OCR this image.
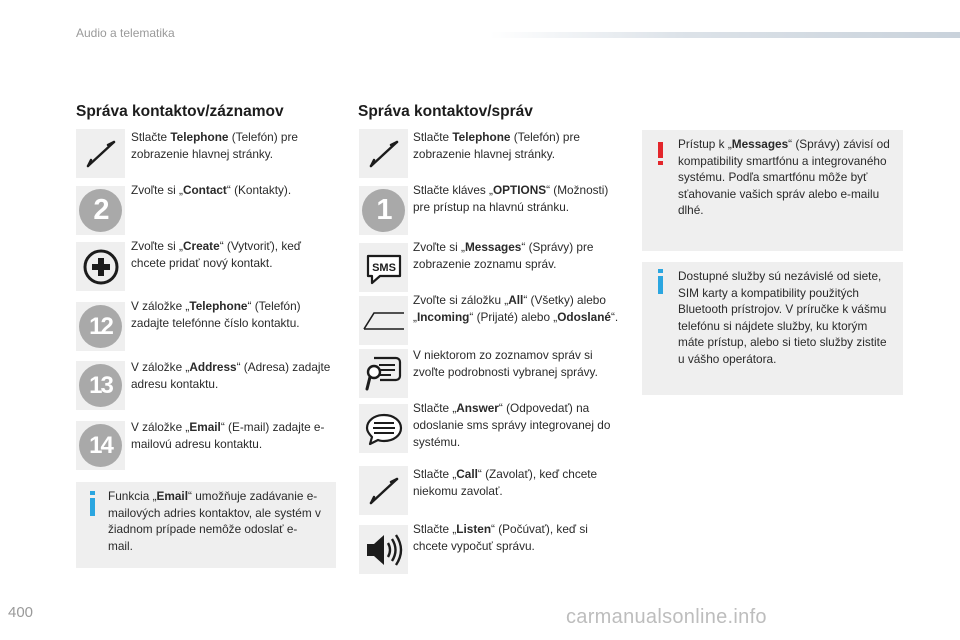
Audio a telematika
Správa kontaktov/záznamov
Stlačte Telephone (Telefón) pre zobrazenie hlavnej stránky.
2
Zvoľte si „Contact“ (Kontakty).
Zvoľte si „Create“ (Vytvoriť), keď chcete pridať nový kontakt.
12
V záložke „Telephone“ (Telefón) zadajte telefónne číslo kontaktu.
13
V záložke „Address“ (Adresa) zadajte adresu kontaktu.
14
V záložke „Email“ (E-mail) zadajte e-mailovú adresu kontaktu.
Funkcia „Email“ umožňuje zadávanie e-mailových adries kontaktov, ale systém v žiadnom prípade nemôže odoslať e-mail.
Správa kontaktov/správ
Stlačte Telephone (Telefón) pre zobrazenie hlavnej stránky.
1
Stlačte kláves „OPTIONS“ (Možnosti) pre prístup na hlavnú stránku.
SMS
Zvoľte si „Messages“ (Správy) pre zobrazenie zoznamu správ.
Zvoľte si záložku „All“ (Všetky) alebo „Incoming“ (Prijaté) alebo „Odoslané“.
V niektorom zo zoznamov správ si zvoľte podrobnosti vybranej správy.
Stlačte „Answer“ (Odpovedať) na odoslanie sms správy integrovanej do systému.
Stlačte „Call“ (Zavolať), keď chcete niekomu zavolať.
Stlačte „Listen“ (Počúvať), keď si chcete vypočuť správu.
Prístup k „Messages“ (Správy) závisí od kompatibility smartfónu a integrovaného systému. Podľa smartfónu môže byť sťahovanie vašich správ alebo e-mailu dlhé.
Dostupné služby sú nezávislé od siete, SIM karty a kompatibility použitých Bluetooth prístrojov. V príručke k vášmu telefónu si nájdete služby, ku ktorým máte prístup, alebo si tieto služby zistite u vášho operátora.
400	carmanualsonline.info
